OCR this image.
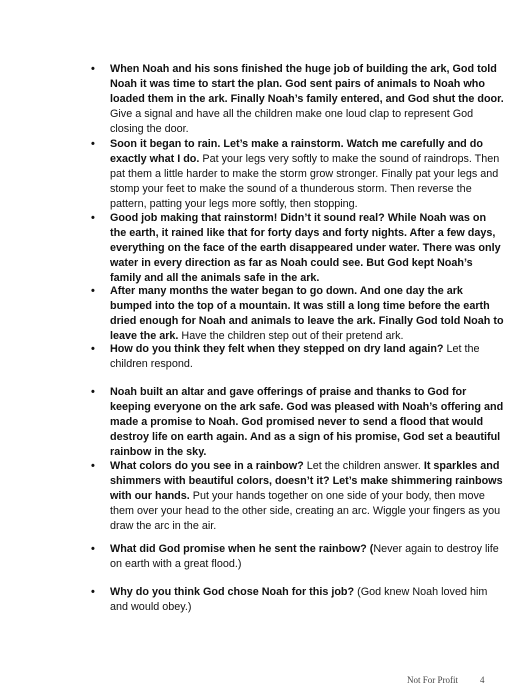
• When Noah and his sons finished the huge job of building the ark, God told Noah it was time to start the plan. God sent pairs of animals to Noah who loaded them in the ark. Finally Noah’s family entered, and God shut the door. Give a signal and have all the children make one loud clap to represent God closing the door.
• Soon it began to rain. Let’s make a rainstorm. Watch me carefully and do exactly what I do. Pat your legs very softly to make the sound of raindrops. Then pat them a little harder to make the storm grow stronger. Finally pat your legs and stomp your feet to make the sound of a thunderous storm. Then reverse the pattern, patting your legs more softly, then stopping.
• Good job making that rainstorm! Didn’t it sound real? While Noah was on the earth, it rained like that for forty days and forty nights. After a few days, everything on the face of the earth disappeared under water. There was only water in every direction as far as Noah could see. But God kept Noah’s family and all the animals safe in the ark.
• After many months the water began to go down. And one day the ark bumped into the top of a mountain. It was still a long time before the earth dried enough for Noah and animals to leave the ark. Finally God told Noah to leave the ark. Have the children step out of their pretend ark.
• How do you think they felt when they stepped on dry land again? Let the children respond.
• Noah built an altar and gave offerings of praise and thanks to God for keeping everyone on the ark safe. God was pleased with Noah’s offering and made a promise to Noah. God promised never to send a flood that would destroy life on earth again. And as a sign of his promise, God set a beautiful rainbow in the sky.
• What colors do you see in a rainbow? Let the children answer. It sparkles and shimmers with beautiful colors, doesn’t it? Let’s make shimmering rainbows with our hands. Put your hands together on one side of your body, then move them over your head to the other side, creating an arc. Wiggle your fingers as you draw the arc in the air.
• What did God promise when he sent the rainbow? (Never again to destroy life on earth with a great flood.)
• Why do you think God chose Noah for this job? (God knew Noah loved him and would obey.)
Not For Profit 4
